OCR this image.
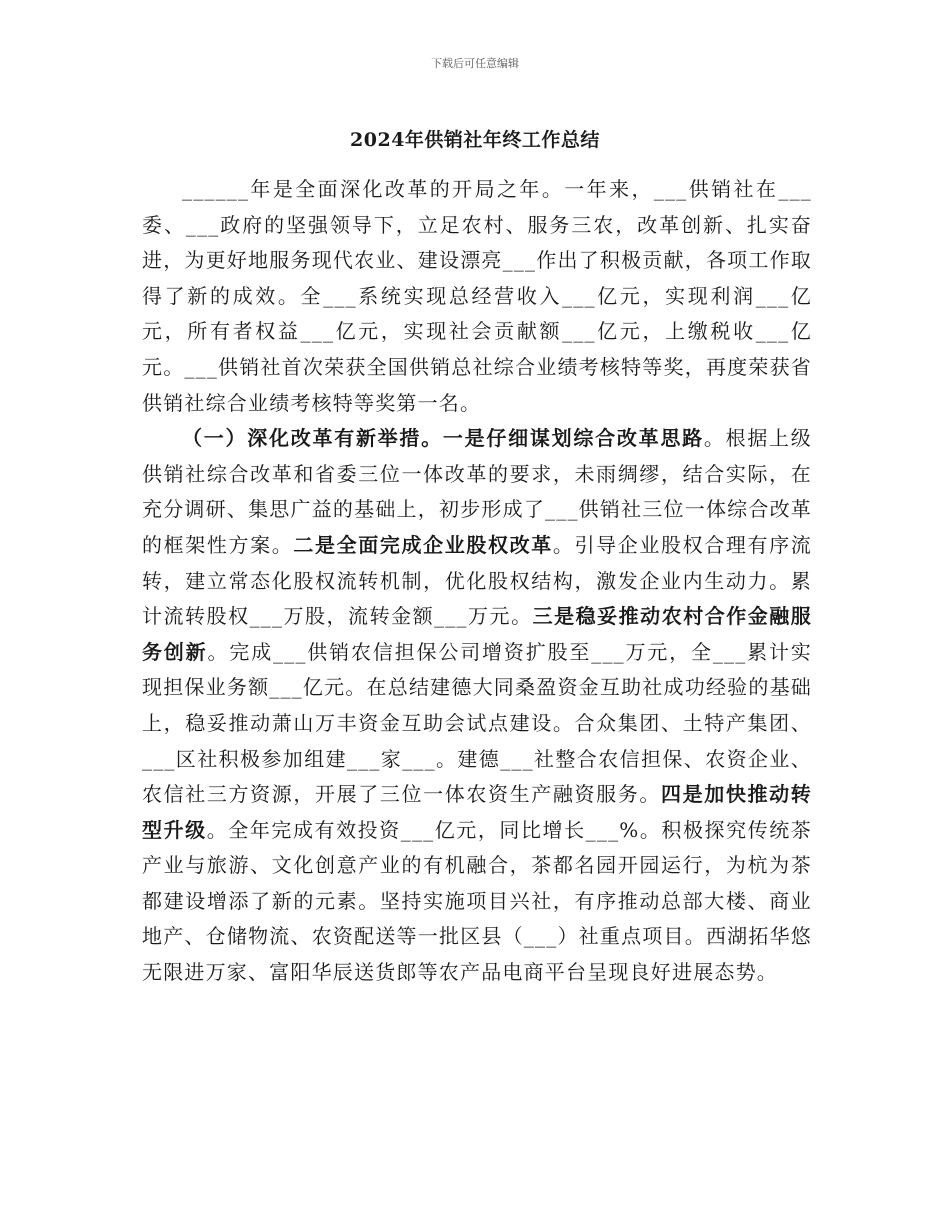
下载后可任意编辑
2024年供销社年终工作总结

______年是全面深化改革的开局之年。一年来，___供销社在___委、___政府的坚强领导下，立足农村、服务三农，改革创新、扎实奋进，为更好地服务现代农业、建设漂亮___作出了积极贡献，各项工作取得了新的成效。全___系统实现总经营收入___亿元，实现利润___亿元，所有者权益___亿元，实现社会贡献额___亿元，上缴税收___亿元。___供销社首次荣获全国供销总社综合业绩考核特等奖，再度荣获省供销社综合业绩考核特等奖第一名。

（一）深化改革有新举措。一是仔细谋划综合改革思路。根据上级供销社综合改革和省委三位一体改革的要求，未雨绸缪，结合实际，在充分调研、集思广益的基础上，初步形成了___供销社三位一体综合改革的框架性方案。二是全面完成企业股权改革。引导企业股权合理有序流转，建立常态化股权流转机制，优化股权结构，激发企业内生动力。累计流转股权___万股，流转金额___万元。三是稳妥推动农村合作金融服务创新。完成___供销农信担保公司增资扩股至___万元，全___累计实现担保业务额___亿元。在总结建德大同桑盈资金互助社成功经验的基础上，稳妥推动萧山万丰资金互助会试点建设。合众集团、土特产集团、___区社积极参加组建___家___。建德___社整合农信担保、农资企业、农信社三方资源，开展了三位一体农资生产融资服务。四是加快推动转型升级。全年完成有效投资___亿元，同比增长___%。积极探究传统茶产业与旅游、文化创意产业的有机融合，茶都名园开园运行，为杭为茶都建设增添了新的元素。坚持实施项目兴社，有序推动总部大楼、商业地产、仓储物流、农资配送等一批区县（___）社重点项目。西湖拓华悠无限进万家、富阳华辰送货郎等农产品电商平台呈现良好进展态势。
